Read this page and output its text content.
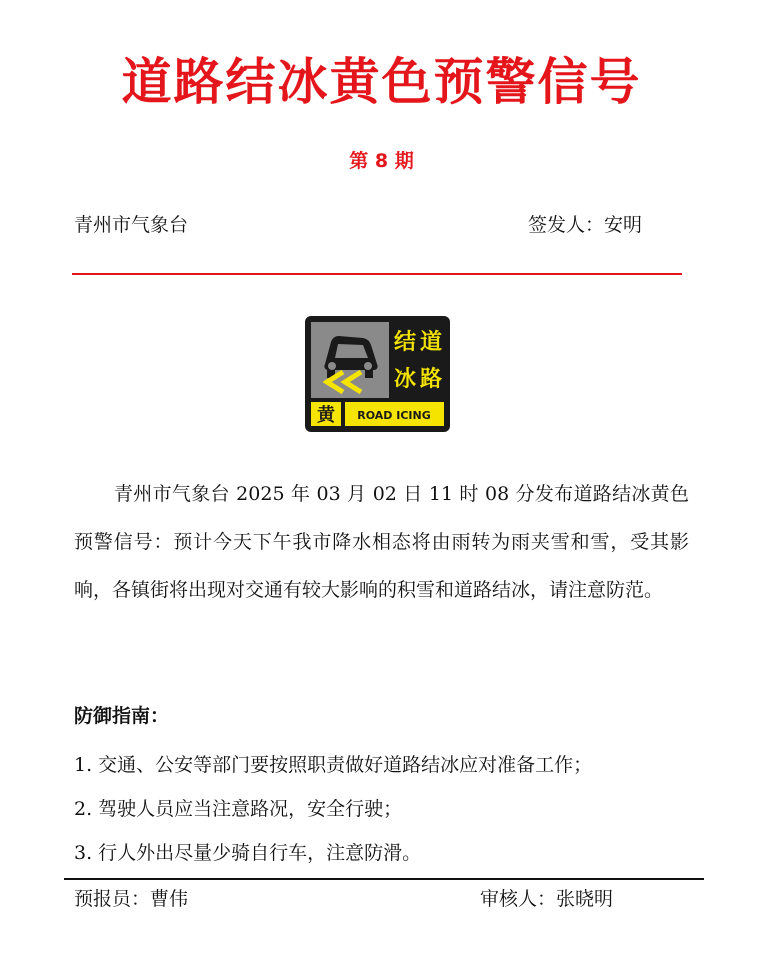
道路结冰黄色预警信号
第 8 期
青州市气象台	签发人：安明
结 道
冰 路
黄 ROAD ICING
青州市气象台 2025 年 03 月 02 日 11 时 08 分发布道路结冰黄色预警信号：预计今天下午我市降水相态将由雨转为雨夹雪和雪，受其影响，各镇街将出现对交通有较大影响的积雪和道路结冰，请注意防范。
防御指南：
1. 交通、公安等部门要按照职责做好道路结冰应对准备工作；
2. 驾驶人员应当注意路况，安全行驶；
3. 行人外出尽量少骑自行车，注意防滑。
预报员：曹伟	审核人：张晓明
